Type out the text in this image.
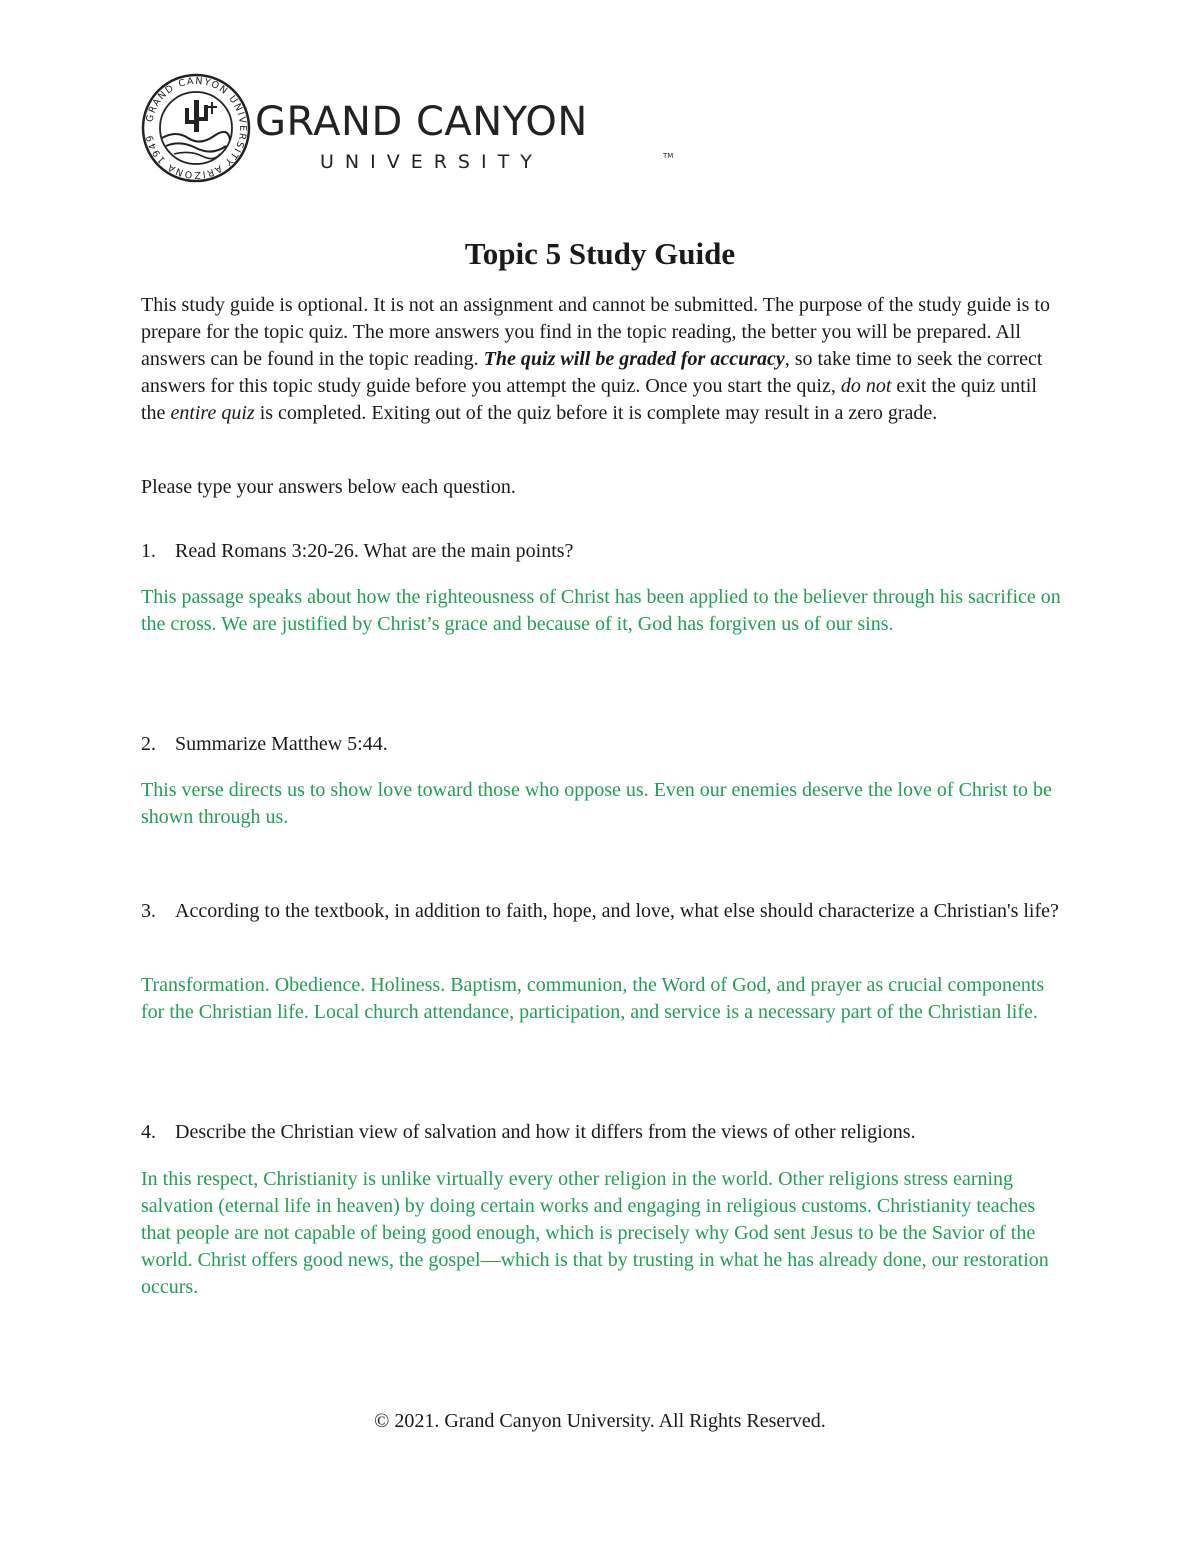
GRAND CANYON UNIVERSITY ARIZONA 1949	GRAND CANYON
UNIVERSITY	TM
Topic 5 Study Guide
This study guide is optional. It is not an assignment and cannot be submitted. The purpose of the study guide is to prepare for the topic quiz. The more answers you find in the topic reading, the better you will be prepared. All answers can be found in the topic reading. The quiz will be graded for accuracy, so take time to seek the correct answers for this topic study guide before you attempt the quiz. Once you start the quiz, do not exit the quiz until the entire quiz is completed. Exiting out of the quiz before it is complete may result in a zero grade.
Please type your answers below each question.
1. Read Romans 3:20-26. What are the main points?
This passage speaks about how the righteousness of Christ has been applied to the believer through his sacrifice on the cross. We are justified by Christ’s grace and because of it, God has forgiven us of our sins.
2. Summarize Matthew 5:44.
This verse directs us to show love toward those who oppose us. Even our enemies deserve the love of Christ to be shown through us.
3. According to the textbook, in addition to faith, hope, and love, what else should characterize a Christian's life?
Transformation. Obedience. Holiness. Baptism, communion, the Word of God, and prayer as crucial components for the Christian life. Local church attendance, participation, and service is a necessary part of the Christian life.
4. Describe the Christian view of salvation and how it differs from the views of other religions.
In this respect, Christianity is unlike virtually every other religion in the world. Other religions stress earning salvation (eternal life in heaven) by doing certain works and engaging in religious customs. Christianity teaches that people are not capable of being good enough, which is precisely why God sent Jesus to be the Savior of the world. Christ offers good news, the gospel—which is that by trusting in what he has already done, our restoration occurs.
© 2021. Grand Canyon University. All Rights Reserved.
